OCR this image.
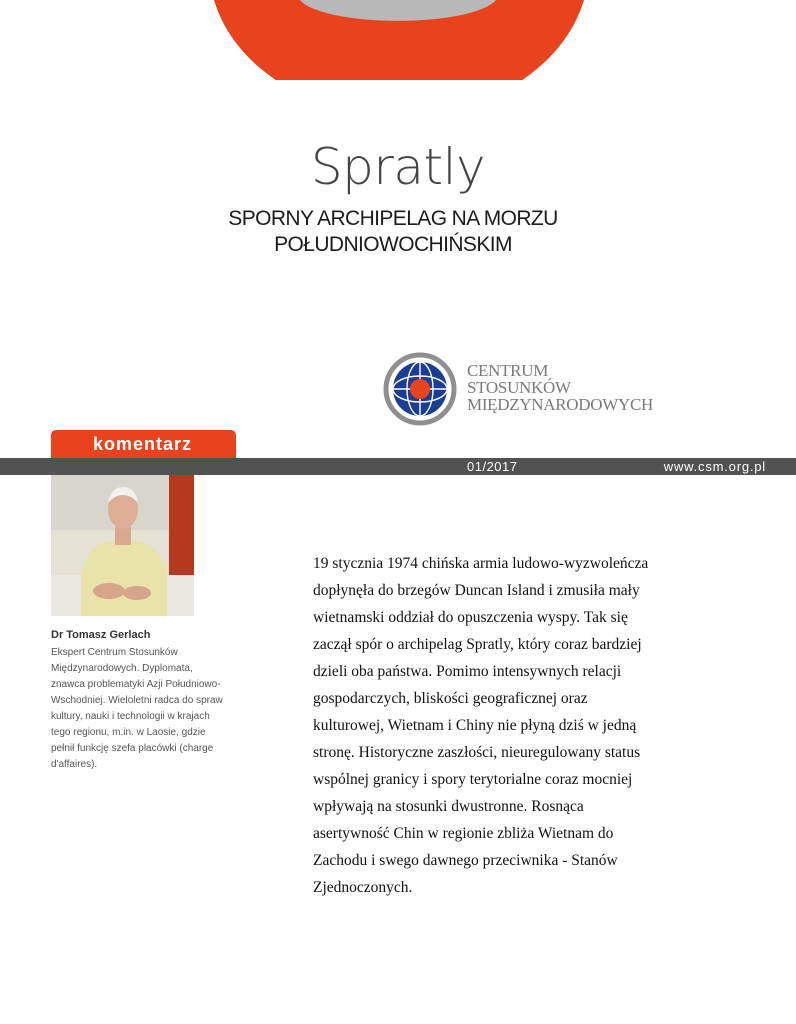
Spratly
SPORNY ARCHIPELAG NA MORZU
POŁUDNIOWOCHIŃSKIM
CENTRUM
STOSUNKÓW
MIĘDZYNARODOWYCH
komentarz
01/2017	www.csm.org.pl
Dr Tomasz Gerlach
Ekspert Centrum Stosunków Międzynarodowych. Dyplomata, znawca problematyki Azji Południowo-Wschodniej. Wieloletni radca do spraw kultury, nauki i technologii w krajach tego regionu, m.in. w Laosie, gdzie pełnił funkcję szefa placówki (charge d'affaires).
19 stycznia 1974 chińska armia ludowo-wyzwoleńcza dopłynęła do brzegów Duncan Island i zmusiła mały wietnamski oddział do opuszczenia wyspy. Tak się zaczął spór o archipelag Spratly, który coraz bardziej dzieli oba państwa. Pomimo intensywnych relacji gospodarczych, bliskości geograficznej oraz kulturowej, Wietnam i Chiny nie płyną dziś w jedną stronę. Historyczne zaszłości, nieuregulowany status wspólnej granicy i spory terytorialne coraz mocniej wpływają na stosunki dwustronne. Rosnąca asertywność Chin w regionie zbliża Wietnam do Zachodu i swego dawnego przeciwnika - Stanów Zjednoczonych.
